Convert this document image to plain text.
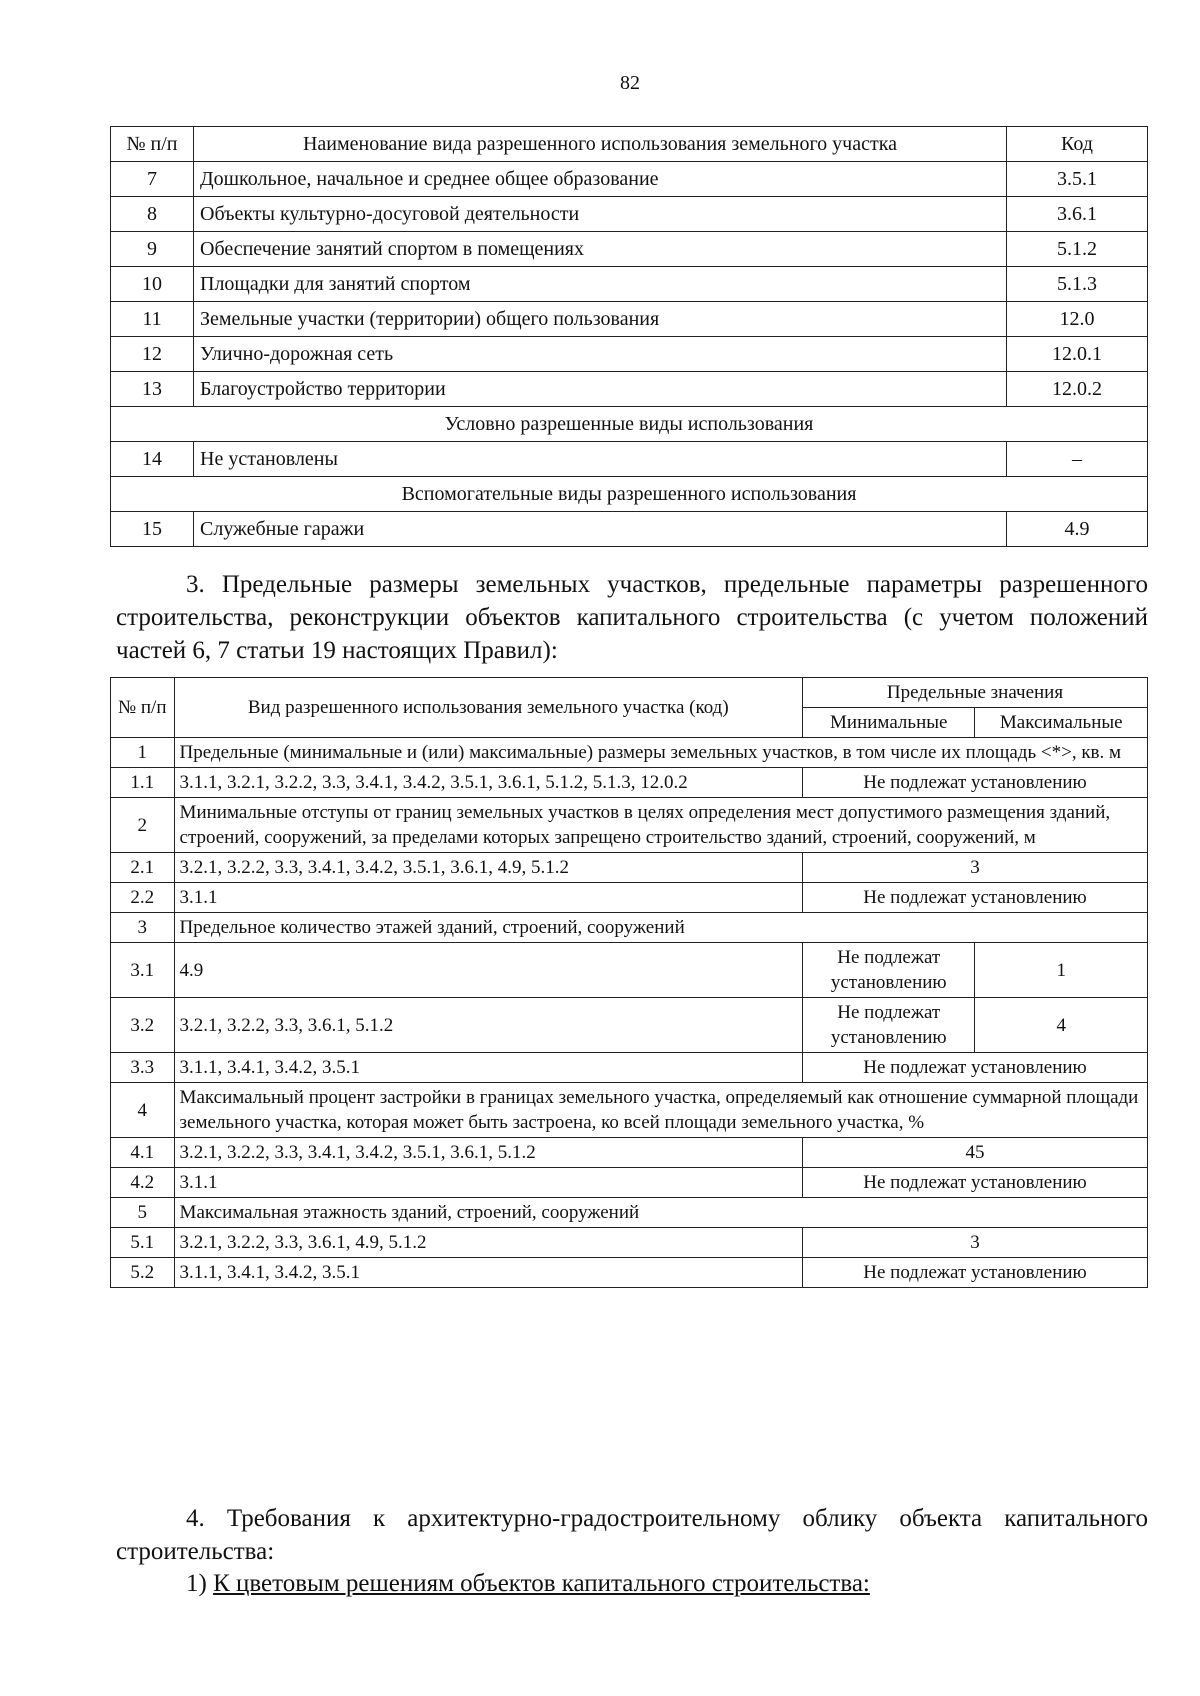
82
№ п/п	Наименование вида разрешенного использования земельного участка	Код
7	Дошкольное, начальное и среднее общее образование	3.5.1
8	Объекты культурно-досуговой деятельности	3.6.1
9	Обеспечение занятий спортом в помещениях	5.1.2
10	Площадки для занятий спортом	5.1.3
11	Земельные участки (территории) общего пользования	12.0
12	Улично-дорожная сеть	12.0.1
13	Благоустройство территории	12.0.2
Условно разрешенные виды использования		
14	Не установлены	–
Вспомогательные виды разрешенного использования		
15	Служебные гаражи	4.9
3. Предельные размеры земельных участков, предельные параметры разрешенного строительства, реконструкции объектов капитального строительства (с учетом положений частей 6, 7 статьи 19 настоящих Правил):
№ п/п	Вид разрешенного использования земельного участка (код)	Предельные значения	
		Минимальные	Максимальные
1	Предельные (минимальные и (или) максимальные) размеры земельных участков, в том числе их площадь <*>, кв. м		
1.1	3.1.1, 3.2.1, 3.2.2, 3.3, 3.4.1, 3.4.2, 3.5.1, 3.6.1, 5.1.2, 5.1.3, 12.0.2	Не подлежат установлению	
2	Минимальные отступы от границ земельных участков в целях определения мест допустимого размещения зданий, строений, сооружений, за пределами которых запрещено строительство зданий, строений, сооружений, м		
2.1	3.2.1, 3.2.2, 3.3, 3.4.1, 3.4.2, 3.5.1, 3.6.1, 4.9, 5.1.2	3	
2.2	3.1.1	Не подлежат установлению	
3	Предельное количество этажей зданий, строений, сооружений		
3.1	4.9	Не подлежат установлению	1
3.2	3.2.1, 3.2.2, 3.3, 3.6.1, 5.1.2	Не подлежат установлению	4
3.3	3.1.1, 3.4.1, 3.4.2, 3.5.1	Не подлежат установлению	
4	Максимальный процент застройки в границах земельного участка, определяемый как отношение суммарной площади земельного участка, которая может быть застроена, ко всей площади земельного участка, %		
4.1	3.2.1, 3.2.2, 3.3, 3.4.1, 3.4.2, 3.5.1, 3.6.1, 5.1.2	45	
4.2	3.1.1	Не подлежат установлению	
5	Максимальная этажность зданий, строений, сооружений		
5.1	3.2.1, 3.2.2, 3.3, 3.6.1, 4.9, 5.1.2	3	
5.2	3.1.1, 3.4.1, 3.4.2, 3.5.1	Не подлежат установлению	
4. Требования к архитектурно-градостроительному облику объекта капитального строительства:
1) К цветовым решениям объектов капитального строительства:
